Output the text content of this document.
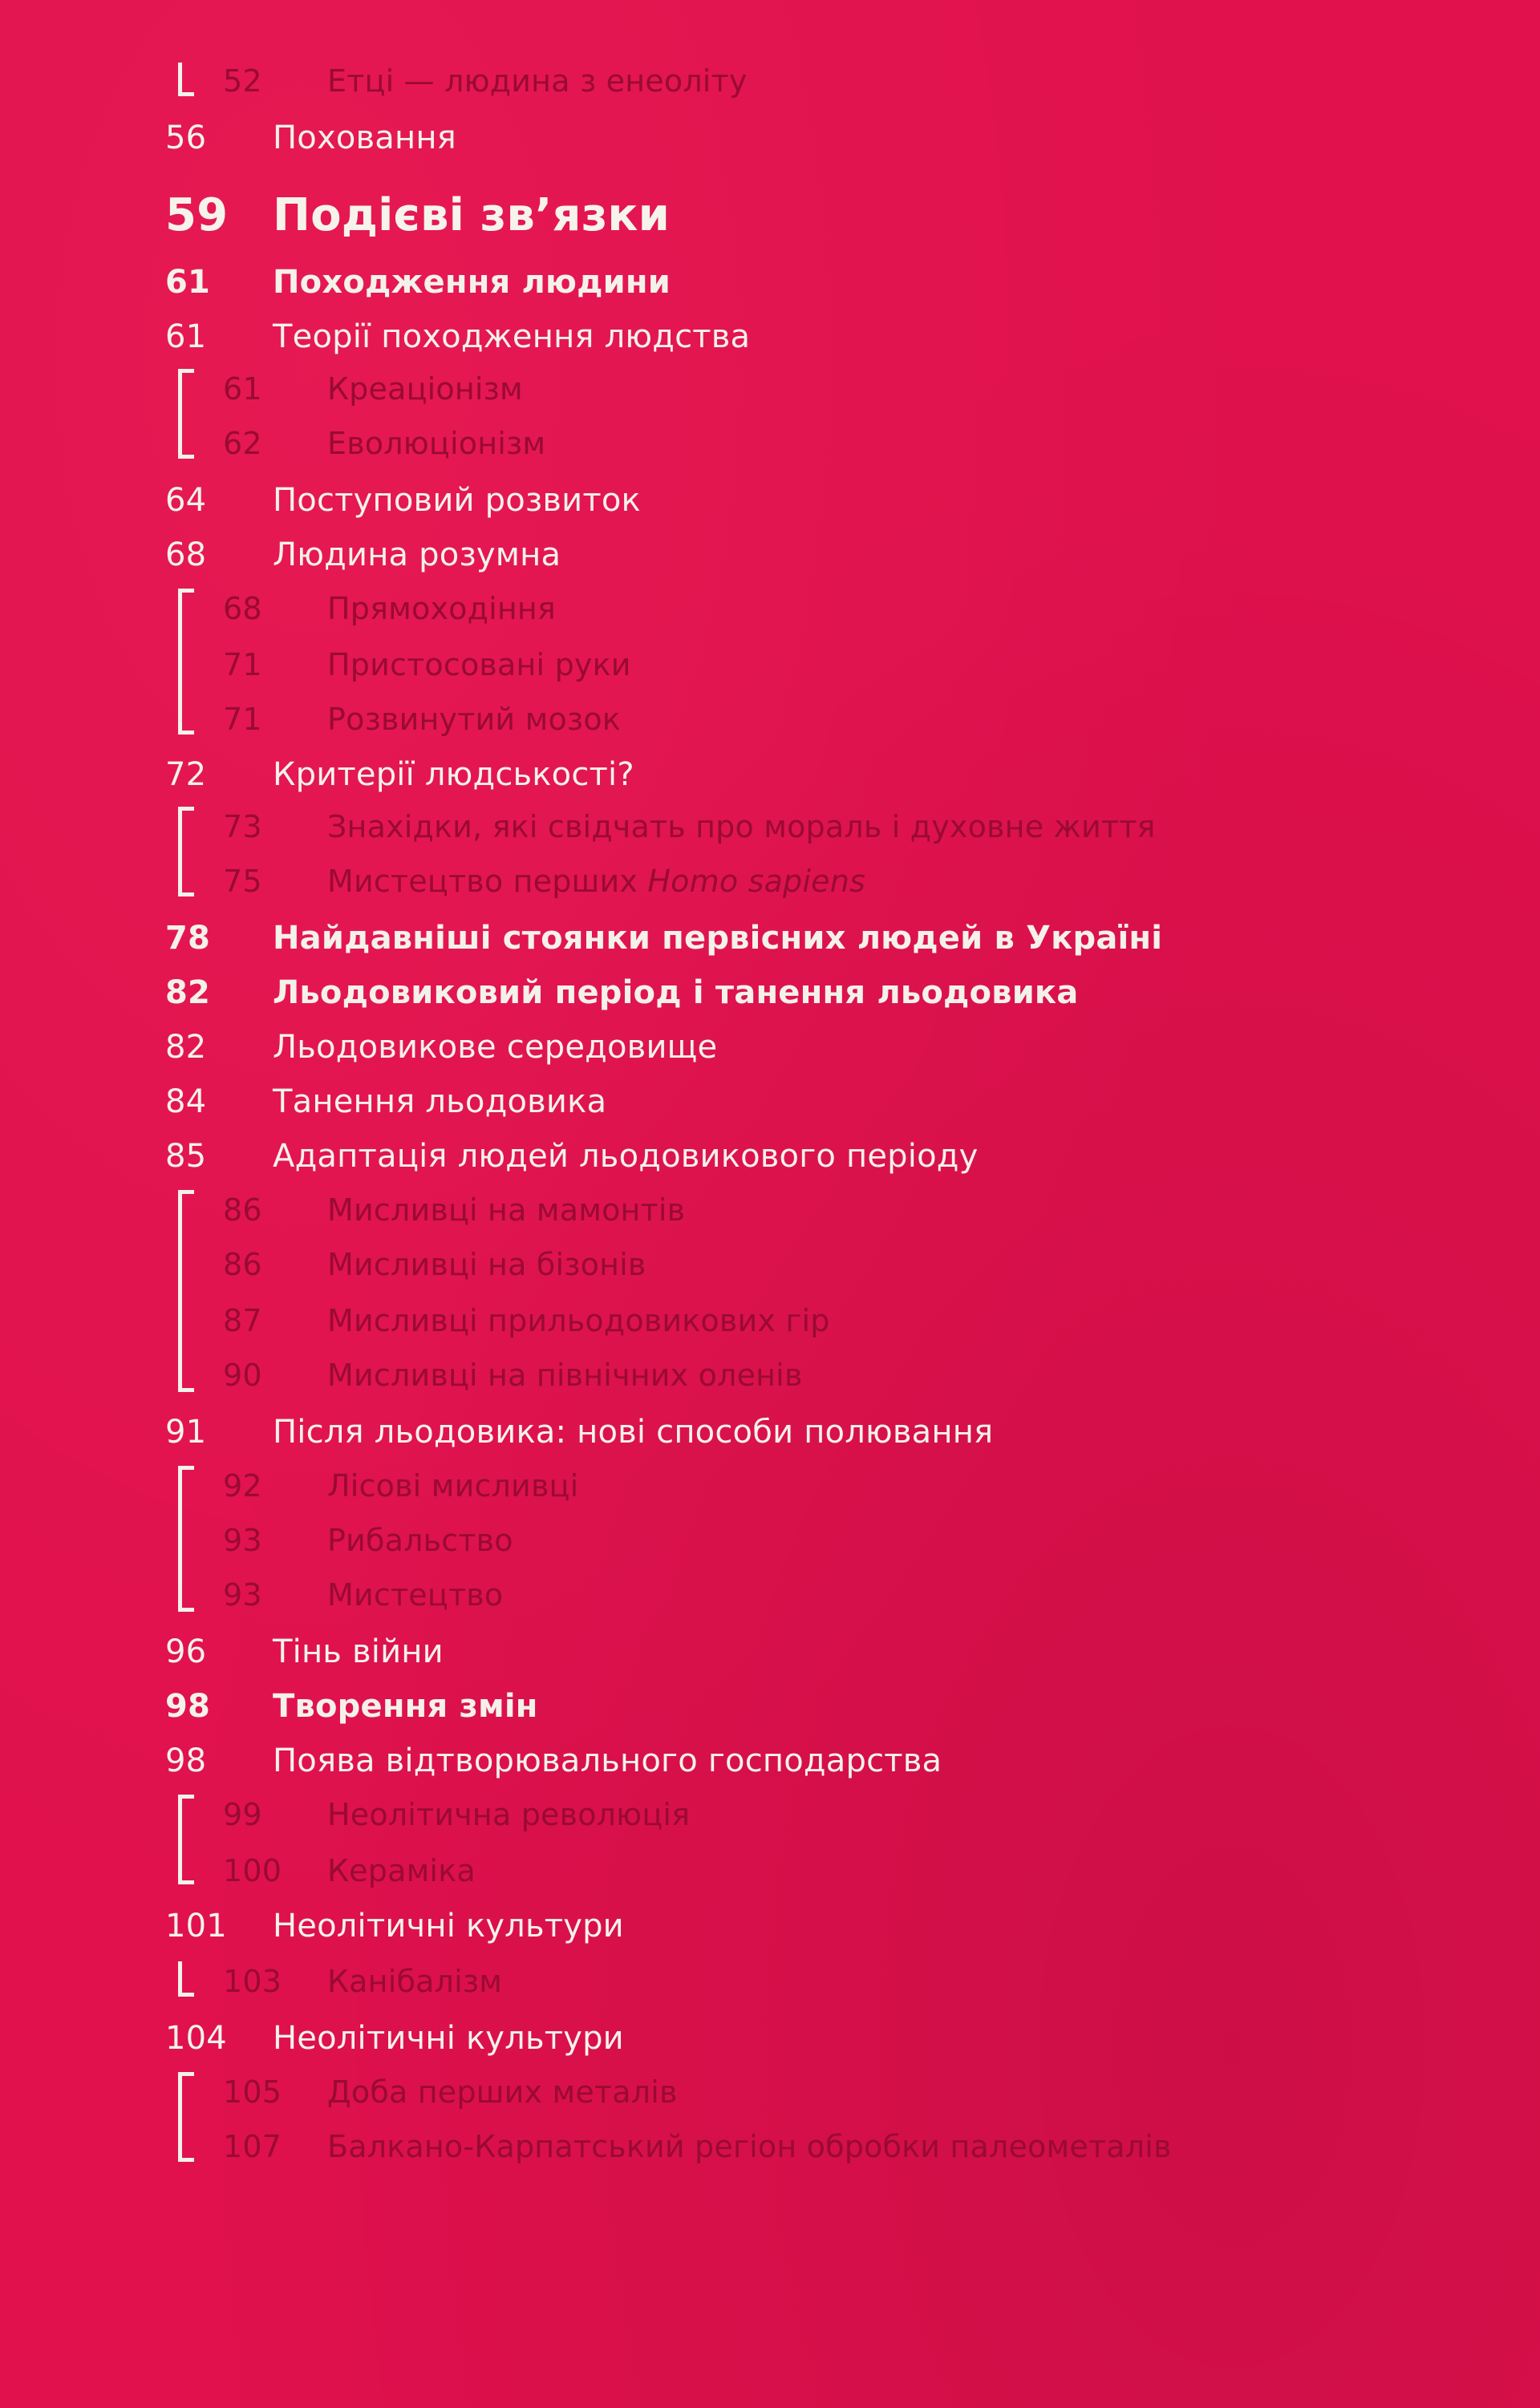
52 Етці — людина з енеоліту
56 Поховання
59 Подієві зв’язки
61 Походження людини
61 Теорії походження людства
61 Креаціонізм
62 Еволюціонізм
64 Поступовий розвиток
68 Людина розумна
68 Прямоходіння
71 Пристосовані руки
71 Розвинутий мозок
72 Критерії людськості?
73 Знахідки, які свідчать про мораль і духовне життя
75 Мистецтво перших Homo sapiens
78 Найдавніші стоянки первісних людей в Україні
82 Льодовиковий період і танення льодовика
82 Льодовикове середовище
84 Танення льодовика
85 Адаптація людей льодовикового періоду
86 Мисливці на мамонтів
86 Мисливці на бізонів
87 Мисливці прильодовикових гір
90 Мисливці на північних оленів
91 Після льодовика: нові способи полювання
92 Лісові мисливці
93 Рибальство
93 Мистецтво
96 Тінь війни
98 Творення змін
98 Поява відтворювального господарства
99 Неолітична революція
100 Кераміка
101 Неолітичні культури
103 Канібалізм
104 Неолітичні культури
105 Доба перших металів
107 Балкано-Карпатський регіон обробки палеометалів
